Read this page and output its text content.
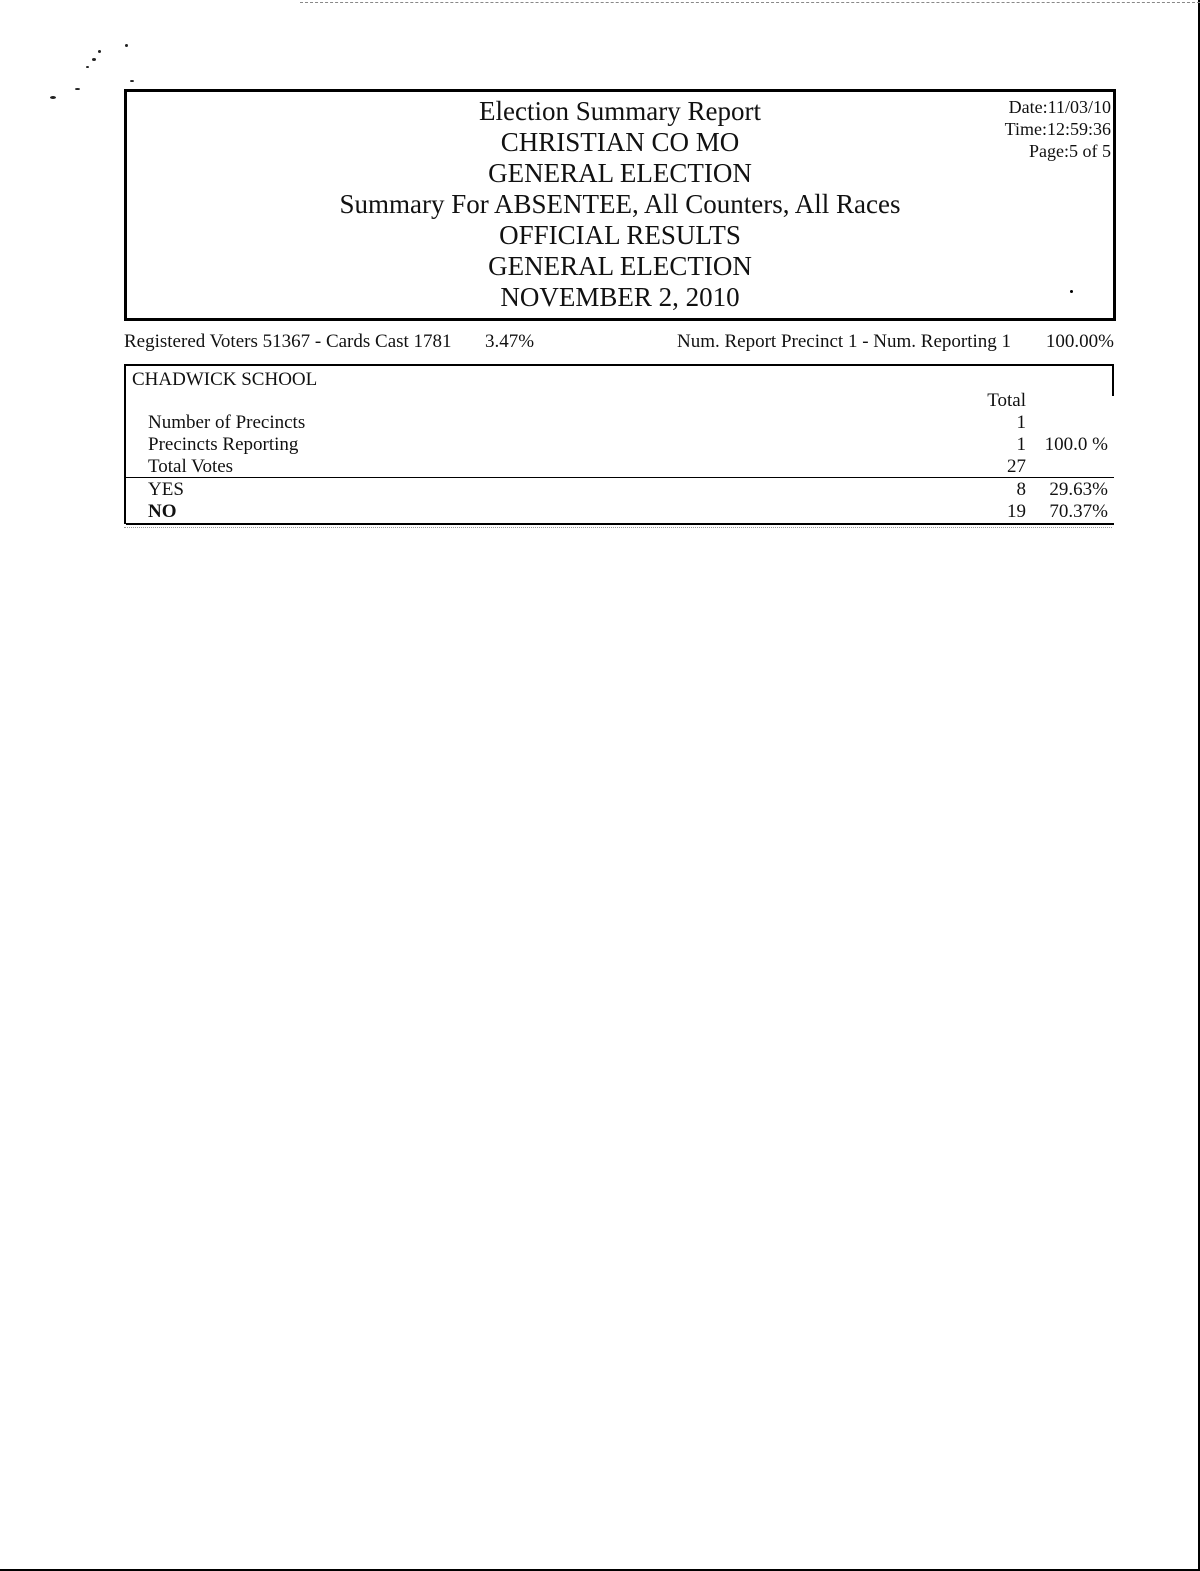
Election Summary Report
CHRISTIAN CO MO
GENERAL ELECTION
Summary For ABSENTEE, All Counters, All Races
OFFICIAL RESULTS
GENERAL ELECTION
NOVEMBER 2, 2010
Date:11/03/10
Time:12:59:36
Page:5 of 5
Registered Voters 51367 - Cards Cast 1781 3.47%	Num. Report Precinct 1 - Num. Reporting 1 100.00%
CHADWICK SCHOOL
Total
Number of Precincts	1
Precincts Reporting	1 100.0 %
Total Votes	27
YES	8 29.63%
NO	19 70.37%
